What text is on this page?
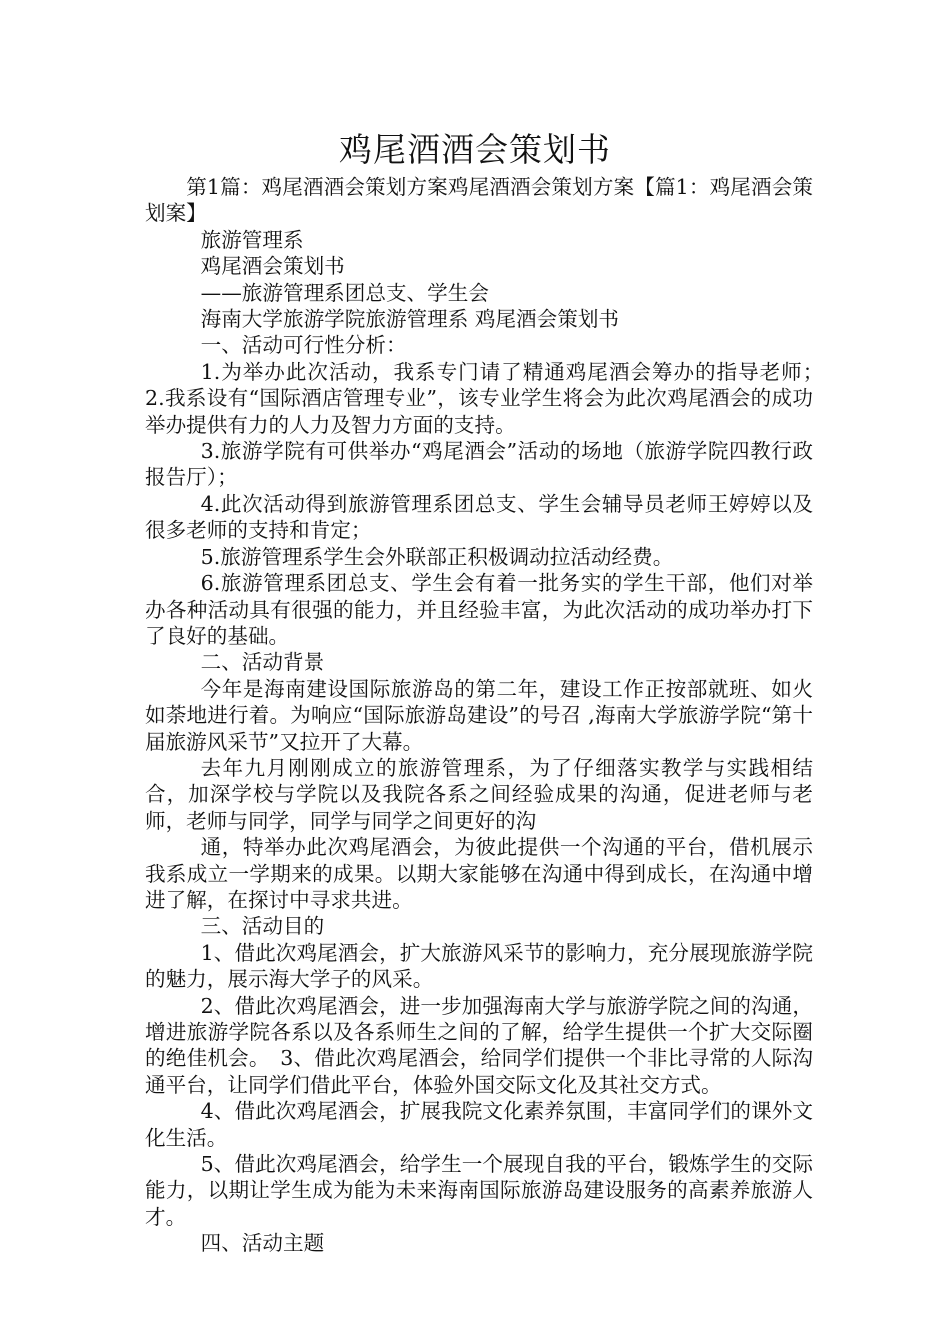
鸡尾酒酒会策划书

第1篇：鸡尾酒酒会策划方案鸡尾酒酒会策划方案【篇1：鸡尾酒会策划案】

旅游管理系

鸡尾酒会策划书

——旅游管理系团总支、学生会

海南大学旅游学院旅游管理系 鸡尾酒会策划书

一、活动可行性分析：

1.为举办此次活动，我系专门请了精通鸡尾酒会筹办的指导老师；　2.我系设有“国际酒店管理专业”，该专业学生将会为此次鸡尾酒会的成功举办提供有力的人力及智力方面的支持。

3.旅游学院有可供举办“鸡尾酒会”活动的场地（旅游学院四教行政报告厅）；

4.此次活动得到旅游管理系团总支、学生会辅导员老师王婷婷以及很多老师的支持和肯定；

5.旅游管理系学生会外联部正积极调动拉活动经费。

6.旅游管理系团总支、学生会有着一批务实的学生干部，他们对举办各种活动具有很强的能力，并且经验丰富，为此次活动的成功举办打下了良好的基础。

二、活动背景

今年是海南建设国际旅游岛的第二年，建设工作正按部就班、如火如荼地进行着。为响应“国际旅游岛建设”的号召 ,海南大学旅游学院“第十届旅游风采节”又拉开了大幕。

去年九月刚刚成立的旅游管理系，为了仔细落实教学与实践相结合，加深学校与学院以及我院各系之间经验成果的沟通，促进老师与老师，老师与同学，同学与同学之间更好的沟

通，特举办此次鸡尾酒会，为彼此提供一个沟通的平台，借机展示我系成立一学期来的成果。以期大家能够在沟通中得到成长，在沟通中增进了解，在探讨中寻求共进。

三、活动目的

1、借此次鸡尾酒会，扩大旅游风采节的影响力，充分展现旅游学院的魅力，展示海大学子的风采。

2、借此次鸡尾酒会，进一步加强海南大学与旅游学院之间的沟通，增进旅游学院各系以及各系师生之间的了解，给学生提供一个扩大交际圈的绝佳机会。　3、借此次鸡尾酒会，给同学们提供一个非比寻常的人际沟通平台，让同学们借此平台，体验外国交际文化及其社交方式。

4、借此次鸡尾酒会，扩展我院文化素养氛围，丰富同学们的课外文化生活。

5、借此次鸡尾酒会，给学生一个展现自我的平台，锻炼学生的交际能力，以期让学生成为能为未来海南国际旅游岛建设服务的高素养旅游人才。

四、活动主题
